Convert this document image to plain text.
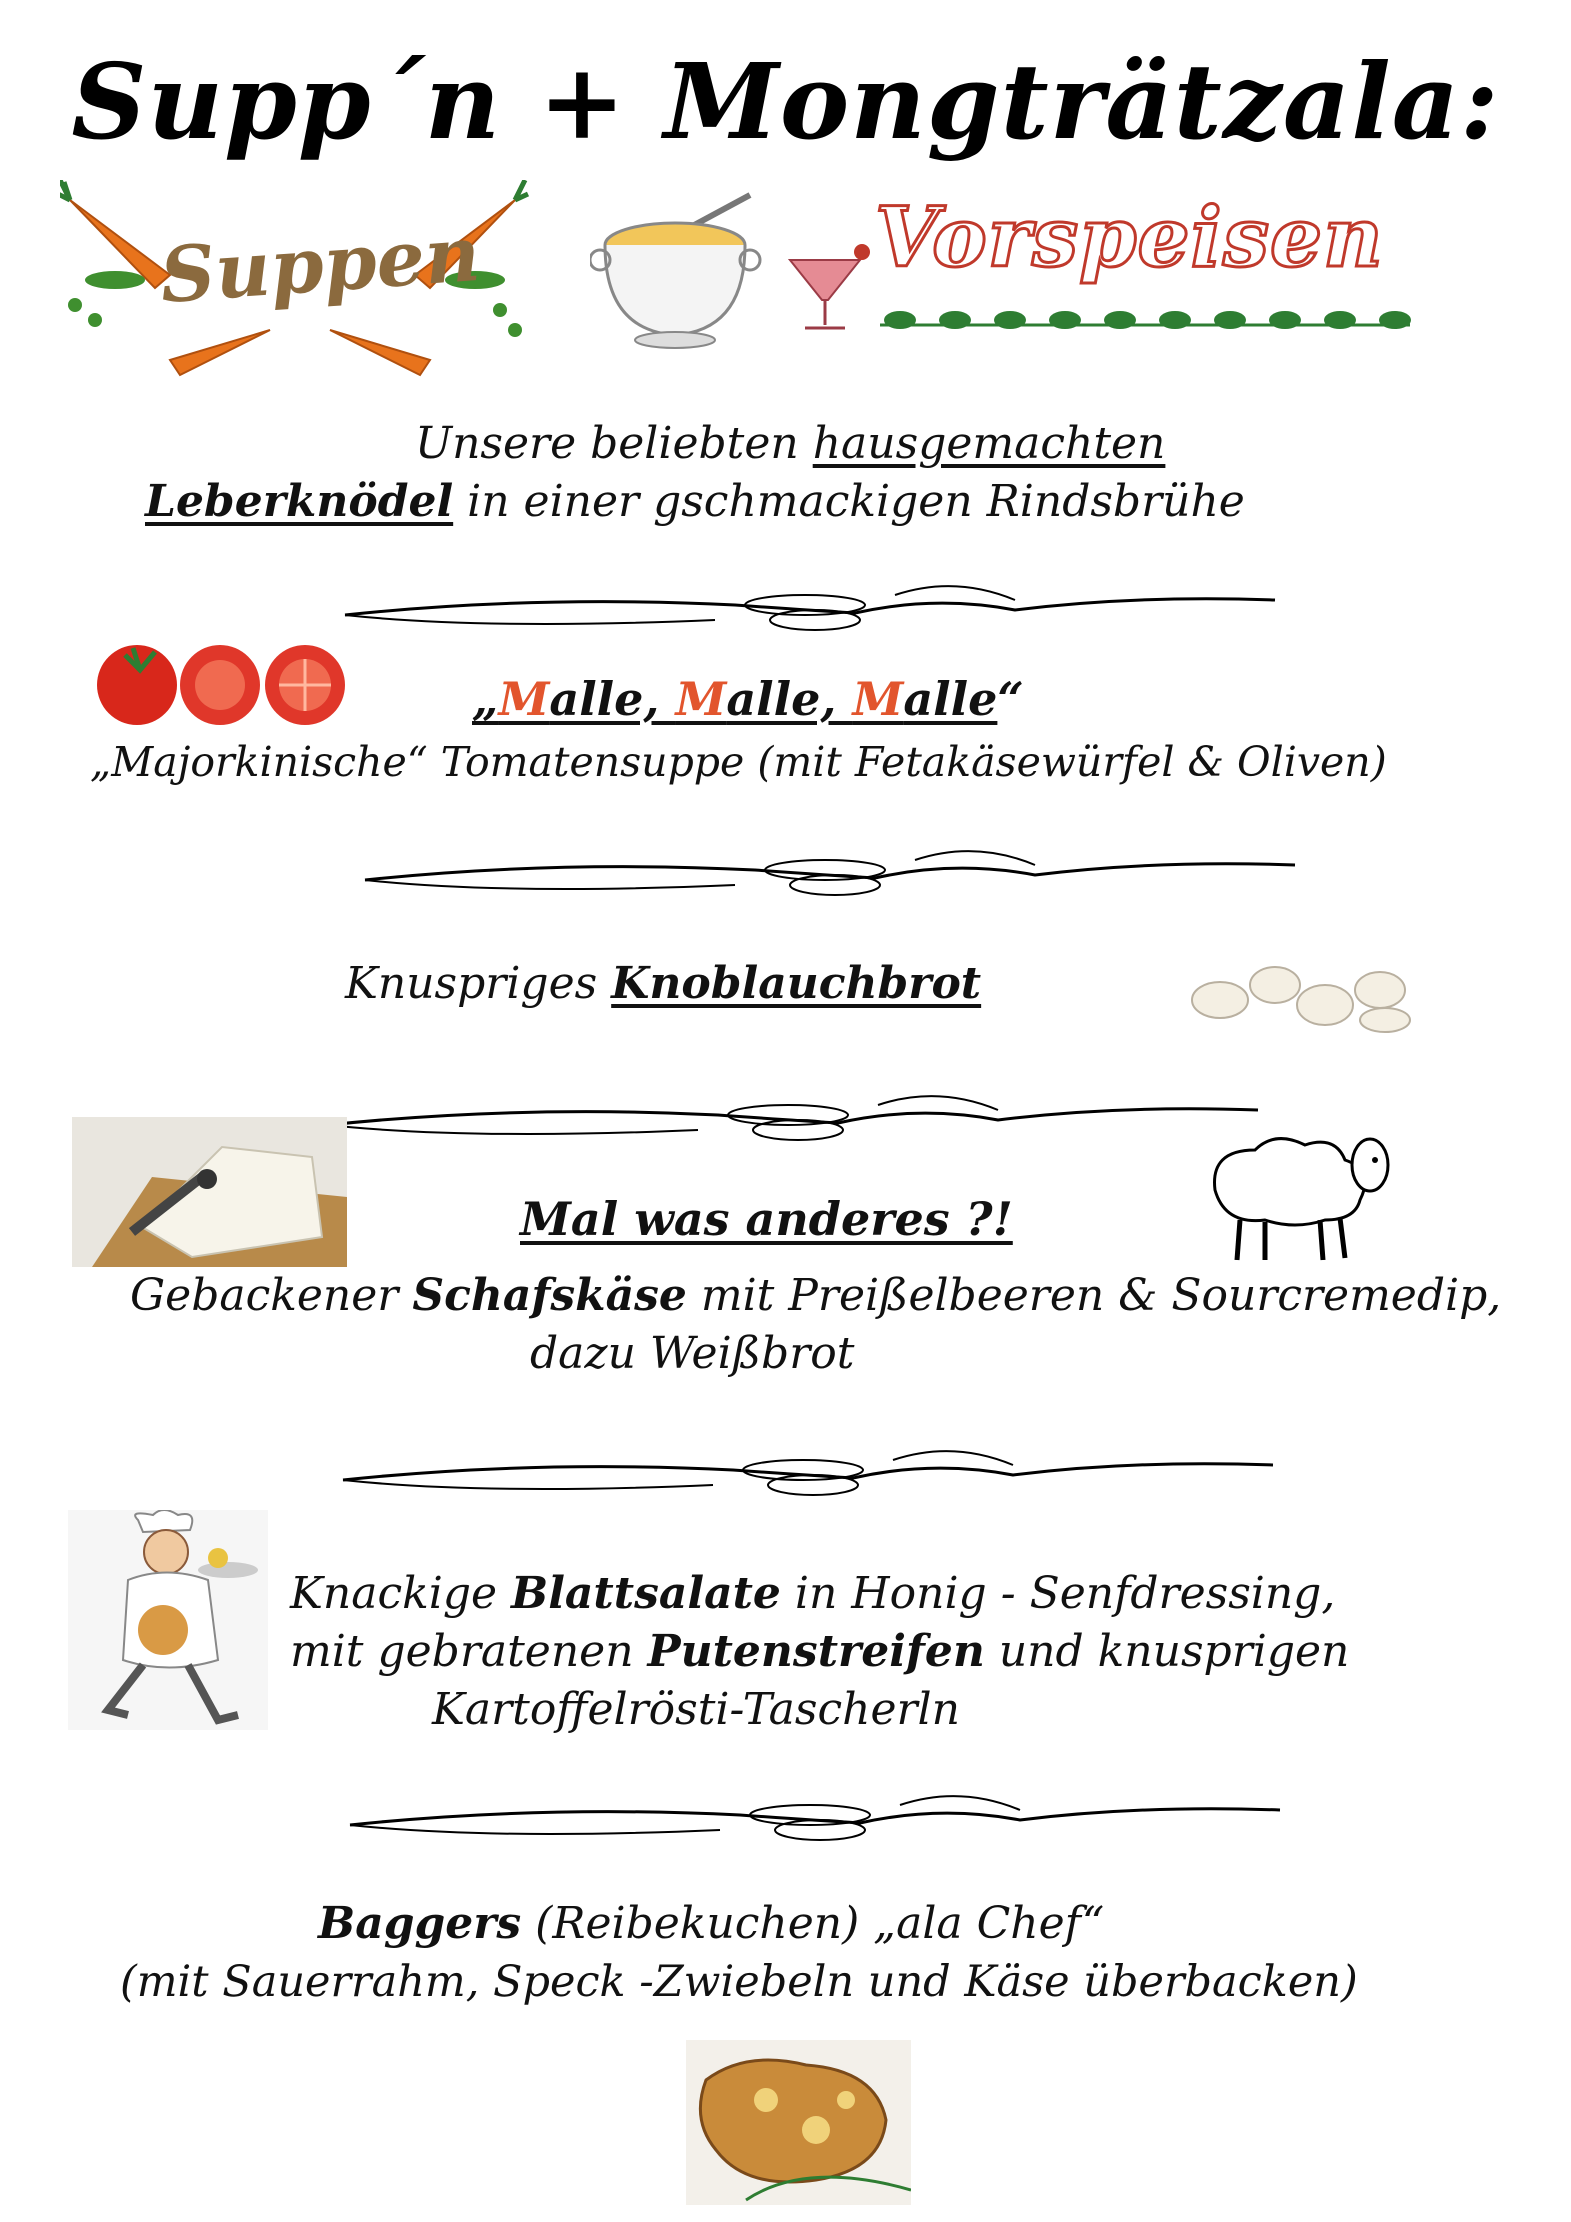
Supp´n + Mongträtzala:
Suppen	Vorspeisen
Unsere beliebten hausgemachten
Leberknödel in einer gschmackigen Rindsbrühe
„Malle, Malle, Malle“
„Majorkinische“ Tomatensuppe (mit Fetakäsewürfel & Oliven)
Knuspriges Knoblauchbrot
Mal was anderes ?!
Gebackener Schafskäse mit Preißelbeeren & Sourcremedip,
dazu Weißbrot
Knackige Blattsalate in Honig - Senfdressing,
mit gebratenen Putenstreifen und knusprigen
Kartoffelrösti-Tascherln
Baggers (Reibekuchen) „ala Chef“
(mit Sauerrahm, Speck -Zwiebeln und Käse überbacken)
